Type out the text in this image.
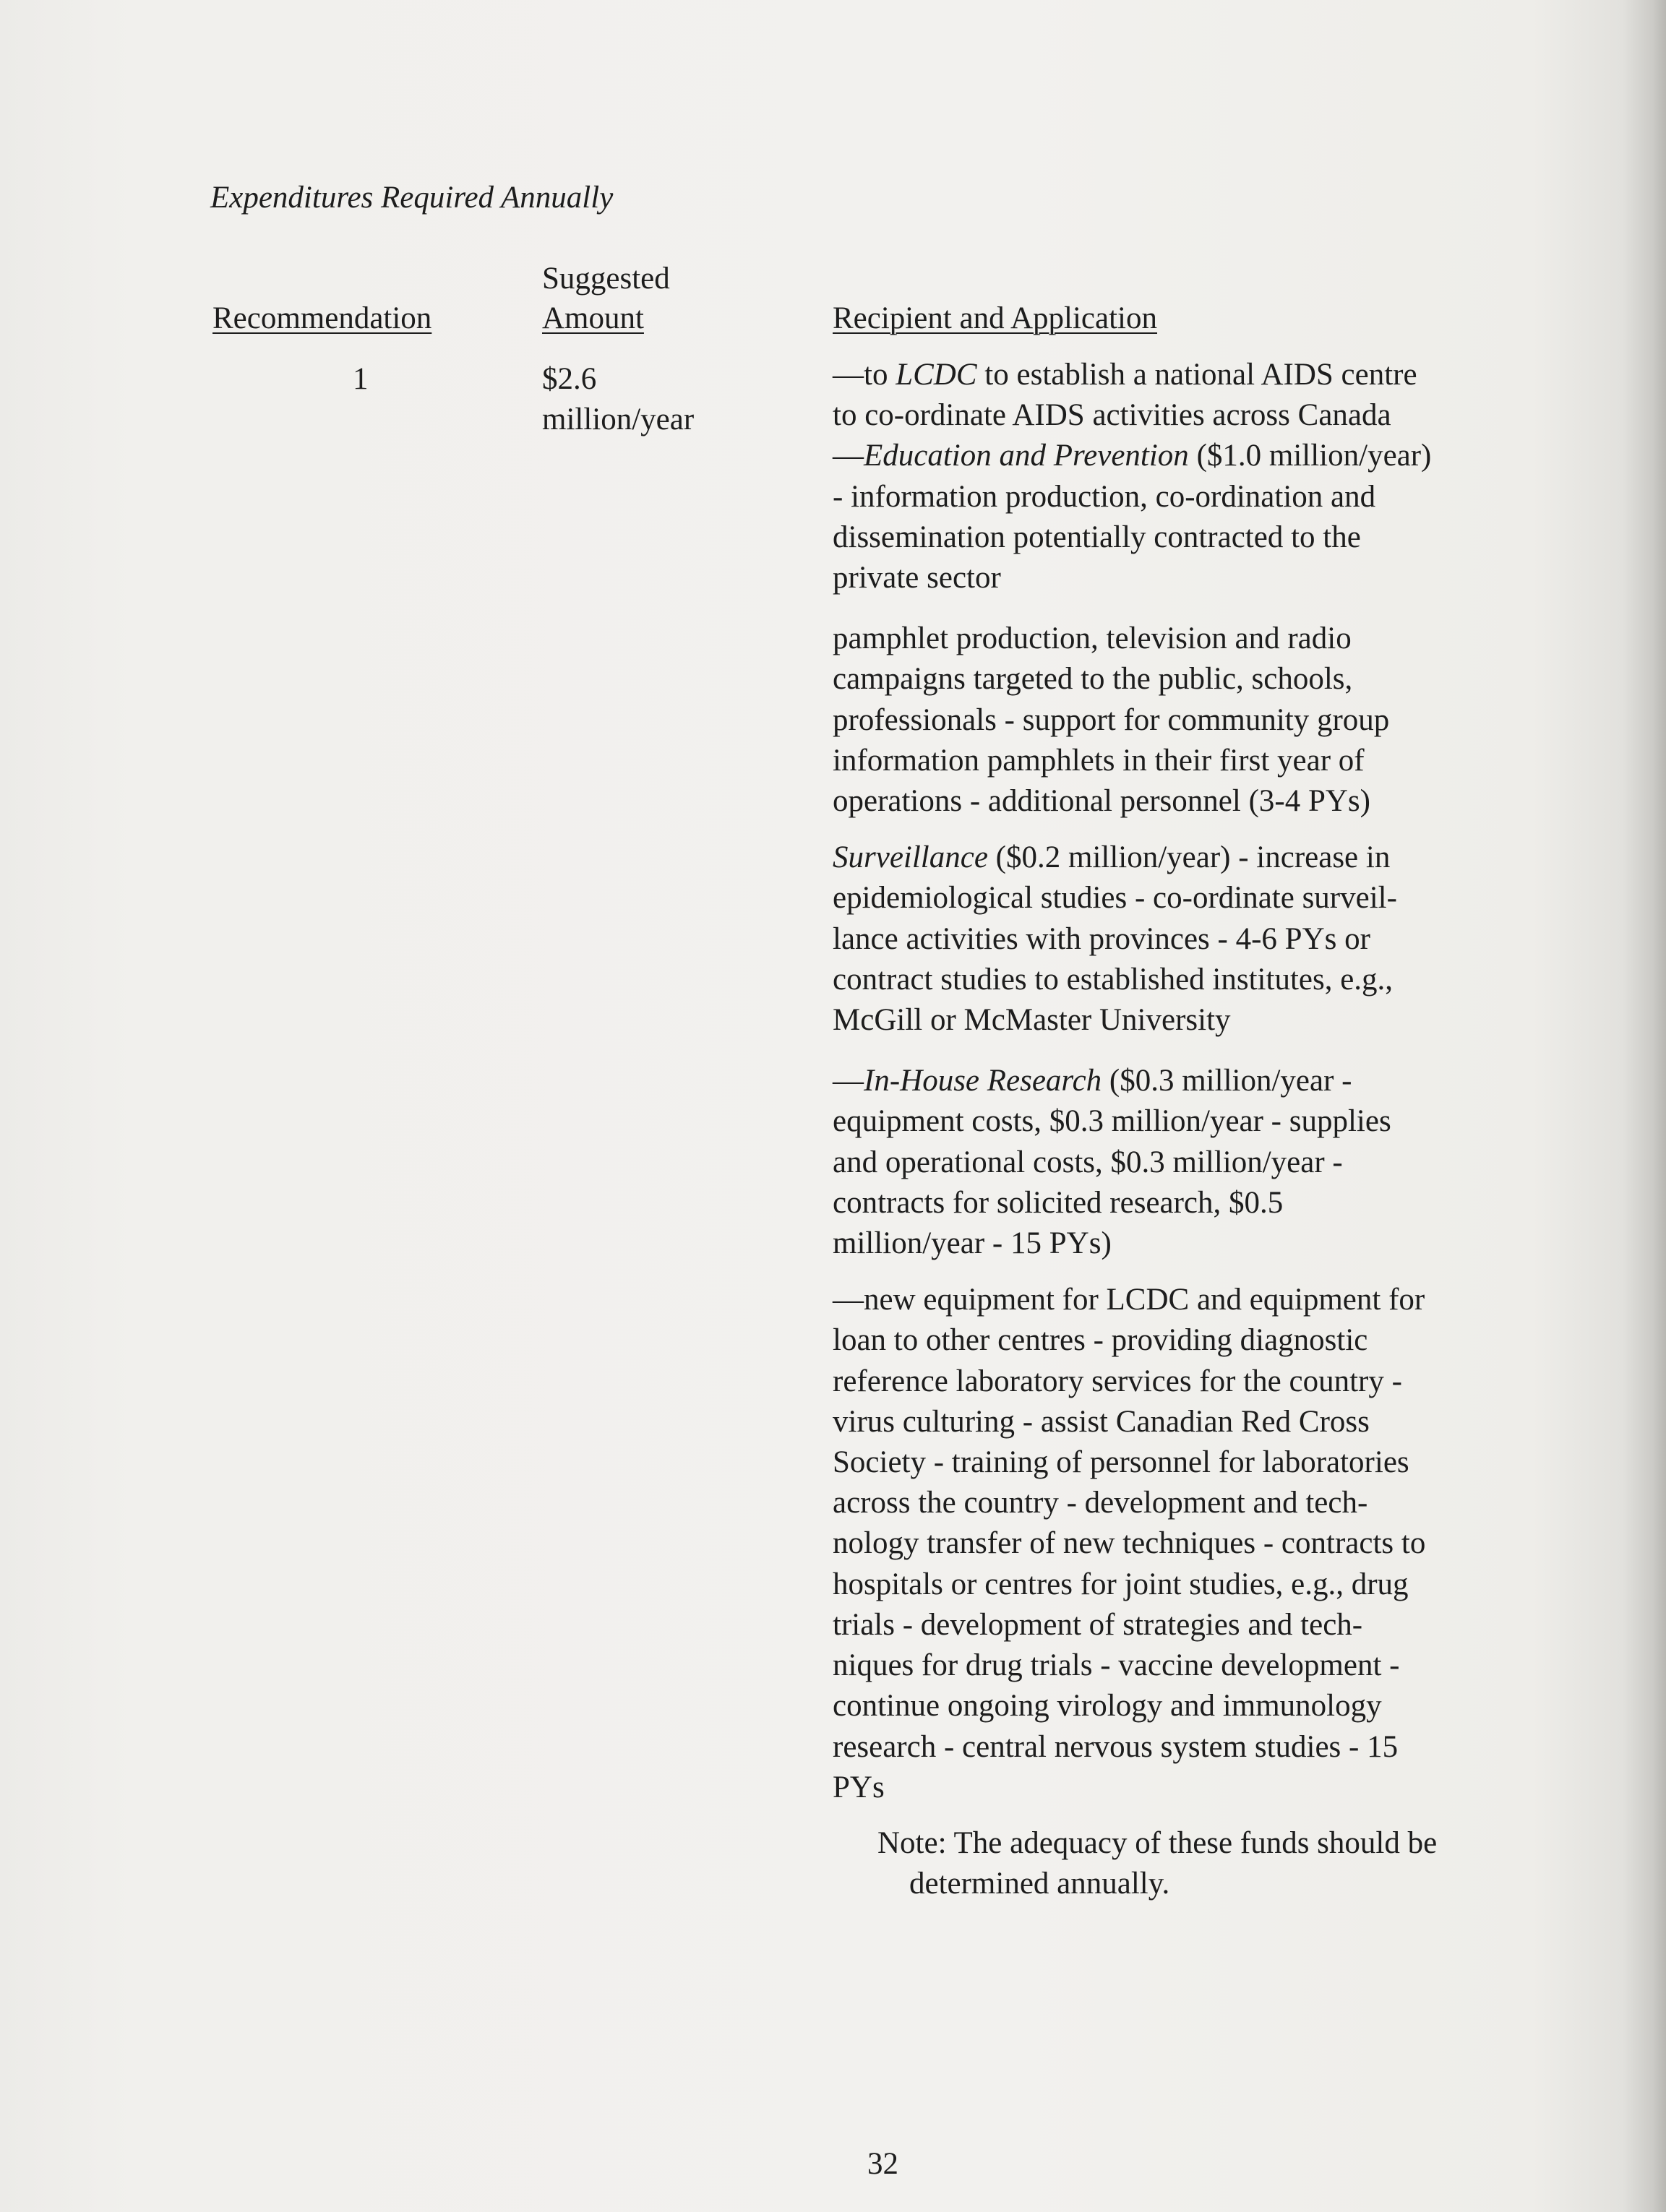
Expenditures Required Annually
Recommendation
Suggested
Amount	Recipient and Application
1	$2.6
million/year

—to LCDC to establish a national AIDS centre

to co-ordinate AIDS activities across Canada

—Education and Prevention ($1.0 million/year)

- information production, co-ordination and

dissemination potentially contracted to the

private sector

pamphlet production, television and radio

campaigns targeted to the public, schools,

professionals - support for community group

information pamphlets in their first year of

operations - additional personnel (3-4 PYs)

Surveillance ($0.2 million/year) - increase in

epidemiological studies - co-ordinate surveil-

lance activities with provinces - 4-6 PYs or

contract studies to established institutes, e.g.,

McGill or McMaster University

—In-House Research ($0.3 million/year -

equipment costs, $0.3 million/year - supplies

and operational costs, $0.3 million/year -

contracts for solicited research, $0.5

million/year - 15 PYs)

—new equipment for LCDC and equipment for

loan to other centres - providing diagnostic

reference laboratory services for the country -

virus culturing - assist Canadian Red Cross

Society - training of personnel for laboratories

across the country - development and tech-

nology transfer of new techniques - contracts to

hospitals or centres for joint studies, e.g., drug

trials - development of strategies and tech-

niques for drug trials - vaccine development -

continue ongoing virology and immunology

research - central nervous system studies - 15

PYs

Note: The adequacy of these funds should be
determined annually.
32
